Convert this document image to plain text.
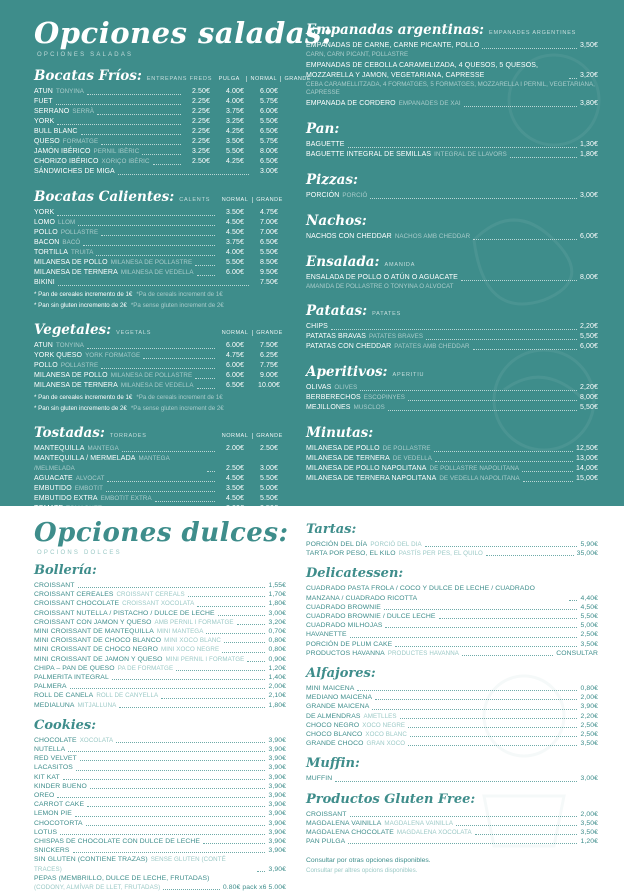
Opciones saladas:
OPCIONES SALADAS
Bocatas Fríos: ENTREPANS FREDS	PULGA	NORMAL	GRANDE
ATUN TONYINA	2.50€	4.00€	6.00€
FUET	2.25€	4.00€	5.75€
SERRANO SERRÀ	2.25€	3.75€	6.00€
YORK	2.25€	3.25€	5.50€
BULL BLANC	2.25€	4.25€	6.50€
QUESO FORMATGE	2.25€	3.50€	5.75€
JAMÓN IBÉRICO PERNIL IBÈRIC	3.25€	5.50€	8.00€
CHORIZO IBÉRICO XORIÇO IBÈRIC	2.50€	4.25€	6.50€
SÁNDWICHES DE MIGA	3.00€
Bocatas Calientes: CALENTS	NORMAL	GRANDE
YORK	3.50€	4.75€
LOMO LLOM	4.50€	7.00€
POLLO POLLASTRE	4.50€	7.00€
BACON BACÓ	3.75€	6.50€
TORTILLA TRUITA	4.00€	5.50€
MILANESA DE POLLO MILANESA DE POLLASTRE	5.50€	8.50€
MILANESA DE TERNERA MILANESA DE VEDELLA	6.00€	9.50€
BIKINI	7.50€
* Pan de cereales incremento de 1€ *Pa de cereals increment de 1€
* Pan sin gluten incremento de 2€ *Pa sense gluten increment de 2€
Vegetales: VEGETALS	NORMAL	GRANDE
ATUN TONYINA	6.00€	7.50€
YORK QUESO YORK FORMATGE	4.75€	6.25€
POLLO POLLASTRE	6.00€	7.75€
MILANESA DE POLLO MILANESA DE POLLASTRE	6.00€	9.00€
MILANESA DE TERNERA MILANESA DE VEDELLA	6.50€	10.00€
* Pan de cereales incremento de 1€ *Pa de cereals increment de 1€
* Pan sin gluten incremento de 2€ *Pa sense gluten increment de 2€
Tostadas: TORRADES	NORMAL	GRANDE
MANTEQUILLA MANTEGA	2.00€	2.50€
MANTEQUILLA / MERMELADA MANTEGA /MELMELADA	2.50€	3.00€
AGUACATE ALVOCAT	4.50€	5.50€
EMBUTIDO EMBOTIT	3.50€	5.00€
EMBUTIDO EXTRA EMBOTIT EXTRA	4.50€	5.50€
Empanadas argentinas: EMPANADES ARGENTINES
EMPANADAS DE CARNE, CARNE PICANTE, POLLO	3,50€
CARN, CARN PICANT, POLLASTRE
EMPANADAS DE CEBOLLA CARAMELIZADA, 4 QUESOS, 5 QUESOS, MOZZARELLA Y JAMON, VEGETARIANA, CAPRESSE	3,20€
CEBA CARAMELLITZADA, 4 FORMATGES, 5 FORMATGES, MOZZARELLA I PERNIL, VEGETARIANA, CAPRESSE
EMPANADA DE CORDERO EMPANADES DE XAI	3,80€
Pan:
BAGUETTE	1,30€
BAGUETTE INTEGRAL DE SEMILLAS INTEGRAL DE LLAVORS	1,80€
Pizzas:
PORCIÓN PORCIÓ	3,00€
Nachos:
NACHOS CON CHEDDAR NACHOS AMB CHEDDAR	6,00€
Ensalada: AMANIDA
ENSALADA DE POLLO O ATÚN O AGUACATE	8,00€
AMANIDA DE POLLASTRE O TONYINA O ALVOCAT
Patatas: PATATES
CHIPS	2,20€
PATATAS BRAVAS PATATES BRAVES	5,50€
PATATAS CON CHEDDAR PATATES AMB CHEDDAR	6,00€
Aperitivos: APERITIU
OLIVAS OLIVES	2,20€
BERBERECHOS ESCOPINYES	8,00€
MEJILLONES MUSCLOS	5,50€
Minutas:
MILANESA DE POLLO DE POLLASTRE	12,50€
MILANESA DE TERNERA DE VEDELLA	13,00€
MILANESA DE POLLO NAPOLITANA DE POLLASTRE NAPOLITANA	14,00€
MILANESA DE TERNERA NAPOLITANA DE VEDELLA NAPOLITANA	15,00€
Opciones dulces:
OPCIONS DOLCES
Bollería:
CROISSANT	1,55€
CROISSANT CEREALES CROISSANT CEREALS	1,70€
CROISSANT CHOCOLATE CROISSANT XOCOLATA	1,80€
CROISSANT NUTELLA / PISTACHO / DULCE DE LECHE	3,00€
CROISSANT CON JAMON Y QUESO AMB PERNIL I FORMATGE	3,20€
MINI CROISSANT DE MANTEQUILLA MINI MANTEGA	0,70€
MINI CROISSANT DE CHOCO BLANCO MINI XOCO BLANC	0,80€
MINI CROISSANT DE CHOCO NEGRO MINI XOCO NEGRE	0,80€
MINI CROISSANT DE JAMON Y QUESO MINI PERNIL I FORMATGE	0,90€
CHIPA – PAN DE QUESO PA DE FORMATGE	1,20€
PALMERITA INTEGRAL	1,40€
PALMERA	2,00€
ROLL DE CANELA ROLL DE CANYELLA	2,10€
MEDIALUNA MITJALLUNA	1,80€
Cookies:
CHOCOLATE XOCOLATA	3,90€
NUTELLA	3,90€
RED VELVET	3,90€
LACASITOS	3,90€
KIT KAT	3,90€
KINDER BUENO	3,90€
OREO	3,90€
CARROT CAKE	3,90€
LEMON PIE	3,90€
CHOCOTORTA	3,90€
LOTUS	3,90€
CHISPAS DE CHOCOLATE CON DULCE DE LECHE	3,90€
SNICKERS	3,90€
SIN GLUTEN (CONTIENE TRAZAS) SENSE GLUTEN (CONTÉ TRACES)	3,90€
PEPAS (MEMBRILLO, DULCE DE LECHE, FRUTADAS)
(CODONY, ALMÍVAR DE LLET, FRUTADAS)	0.80€ pack x6 5.00€
Tartas:
PORCIÓN DEL DÍA PORCIÓ DEL DIA	5,90€
TARTA POR PESO, EL KILO PASTÍS PER PES, EL QUILO	35,00€
Delicatessen:
CUADRADO PASTA FROLA / COCO Y DULCE DE LECHE / CUADRADO MANZANA / CUADRADO RICOTTA	4,40€
CUADRADO BROWNIE	4,50€
CUADRADO BROWNIE / DULCE LECHE	5,50€
CUADRADO MILHOJAS	5,00€
HAVANETTE	2,50€
PORCIÓN DE PLUM CAKE	3,50€
PRODUCTOS HAVANNA PRODUCTES HAVANNA	CONSULTAR
Alfajores:
MINI MAICENA	0,80€
MEDIANO MAICENA	2,00€
GRANDE MAICENA	3,90€
DE ALMENDRAS AMETLLES	2,20€
CHOCO NEGRO XOCO NEGRE	2,50€
CHOCO BLANCO XOCO BLANC	2,50€
GRANDE CHOCO GRAN XOCO	3,50€
Muffin:
MUFFIN	3,00€
Productos Gluten Free:
CROISSANT	2,00€
MAGDALENA VAINILLA MAGDALENA VAINILLA	3,50€
MAGDALENA CHOCOLATE MAGDALENA XOCOLATA	3,50€
PAN PULGA	1,20€
Consultar por otras opciones disponibles.
Consultar per altres opcions disponibles.
